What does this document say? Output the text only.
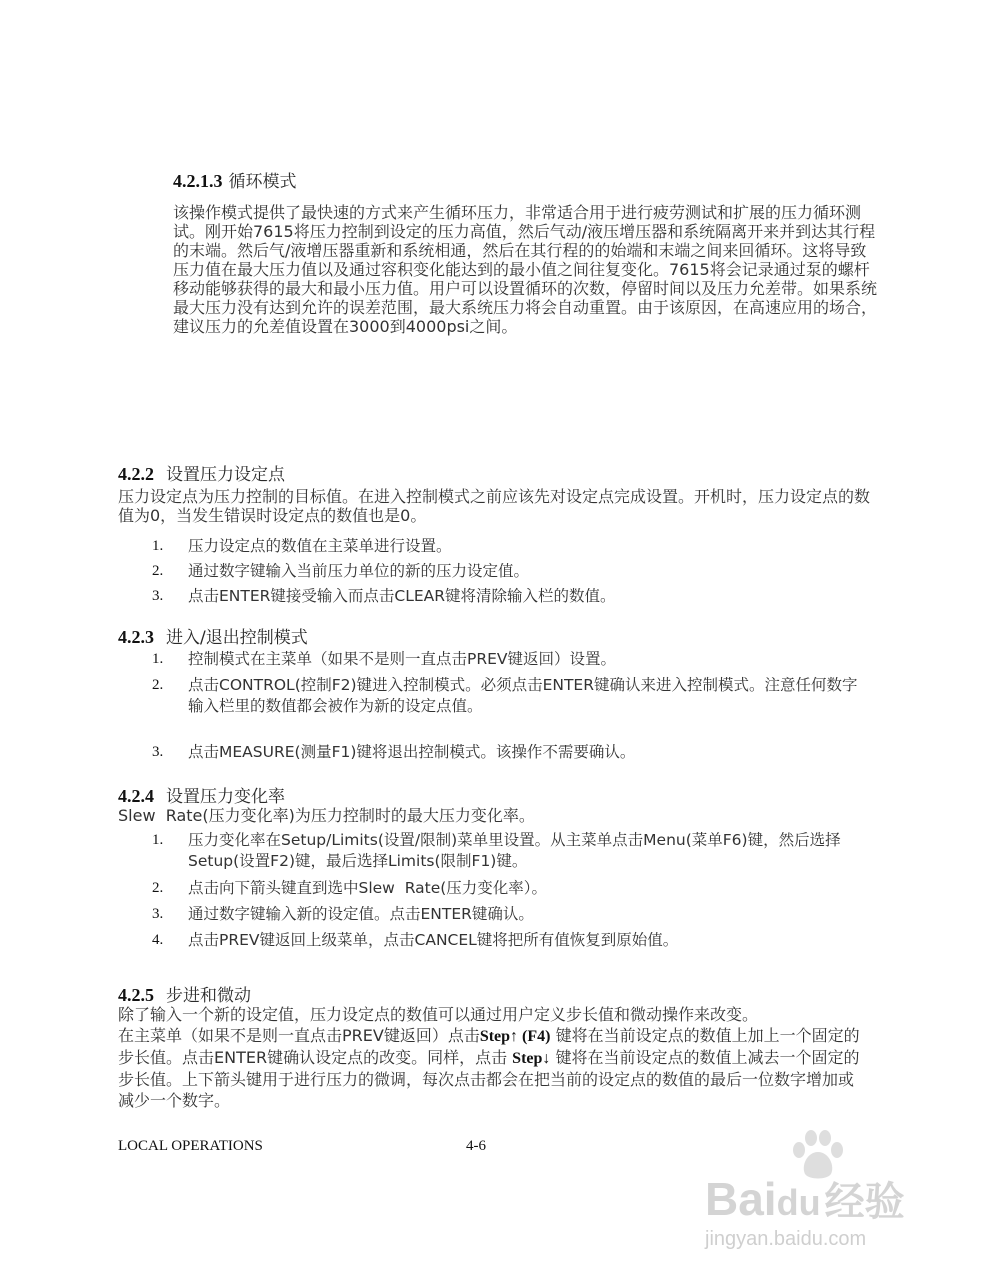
4.2.1.3 循环模式
该操作模式提供了最快速的方式来产生循环压力，非常适合用于进行疲劳测试和扩展的压力循环测试。刚开始7615将压力控制到设定的压力高值，然后气动/液压增压器和系统隔离开来并到达其行程的末端。然后气/液增压器重新和系统相通，然后在其行程的的始端和末端之间来回循环。这将导致压力值在最大压力值以及通过容积变化能达到的最小值之间往复变化。7615将会记录通过泵的螺杆移动能够获得的最大和最小压力值。用户可以设置循环的次数，停留时间以及压力允差带。如果系统最大压力没有达到允许的误差范围，最大系统压力将会自动重置。由于该原因，在高速应用的场合，建议压力的允差值设置在3000到4000psi之间。
4.2.2 设置压力设定点
压力设定点为压力控制的目标值。在进入控制模式之前应该先对设定点完成设置。开机时，压力设定点的数值为0，当发生错误时设定点的数值也是0。
1. 压力设定点的数值在主菜单进行设置。
2. 通过数字键输入当前压力单位的新的压力设定值。
3. 点击ENTER键接受输入而点击CLEAR键将清除输入栏的数值。
4.2.3 进入/退出控制模式
1. 控制模式在主菜单（如果不是则一直点击PREV键返回）设置。
2. 点击CONTROL(控制F2)键进入控制模式。必须点击ENTER键确认来进入控制模式。注意任何数字输入栏里的数值都会被作为新的设定点值。
3. 点击MEASURE(测量F1)键将退出控制模式。该操作不需要确认。
4.2.4 设置压力变化率
Slew  Rate(压力变化率)为压力控制时的最大压力变化率。
1. 压力变化率在Setup/Limits(设置/限制)菜单里设置。从主菜单点击Menu(菜单F6)键，然后选择Setup(设置F2)键，最后选择Limits(限制F1)键。
2. 点击向下箭头键直到选中Slew  Rate(压力变化率）。
3. 通过数字键输入新的设定值。点击ENTER键确认。
4. 点击PREV键返回上级菜单，点击CANCEL键将把所有值恢复到原始值。
4.2.5 步进和微动
除了输入一个新的设定值，压力设定点的数值可以通过用户定义步长值和微动操作来改变。
在主菜单（如果不是则一直点击PREV键返回）点击Step↑ (F4) 键将在当前设定点的数值上加上一个固定的步长值。点击ENTER键确认设定点的改变。同样，点击 Step↓ 键将在当前设定点的数值上减去一个固定的步长值。上下箭头键用于进行压力的微调，每次点击都会在把当前的设定点的数值的最后一位数字增加或减少一个数字。
LOCAL OPERATIONS	4-6
Baidu 经验
jingyan.baidu.com
